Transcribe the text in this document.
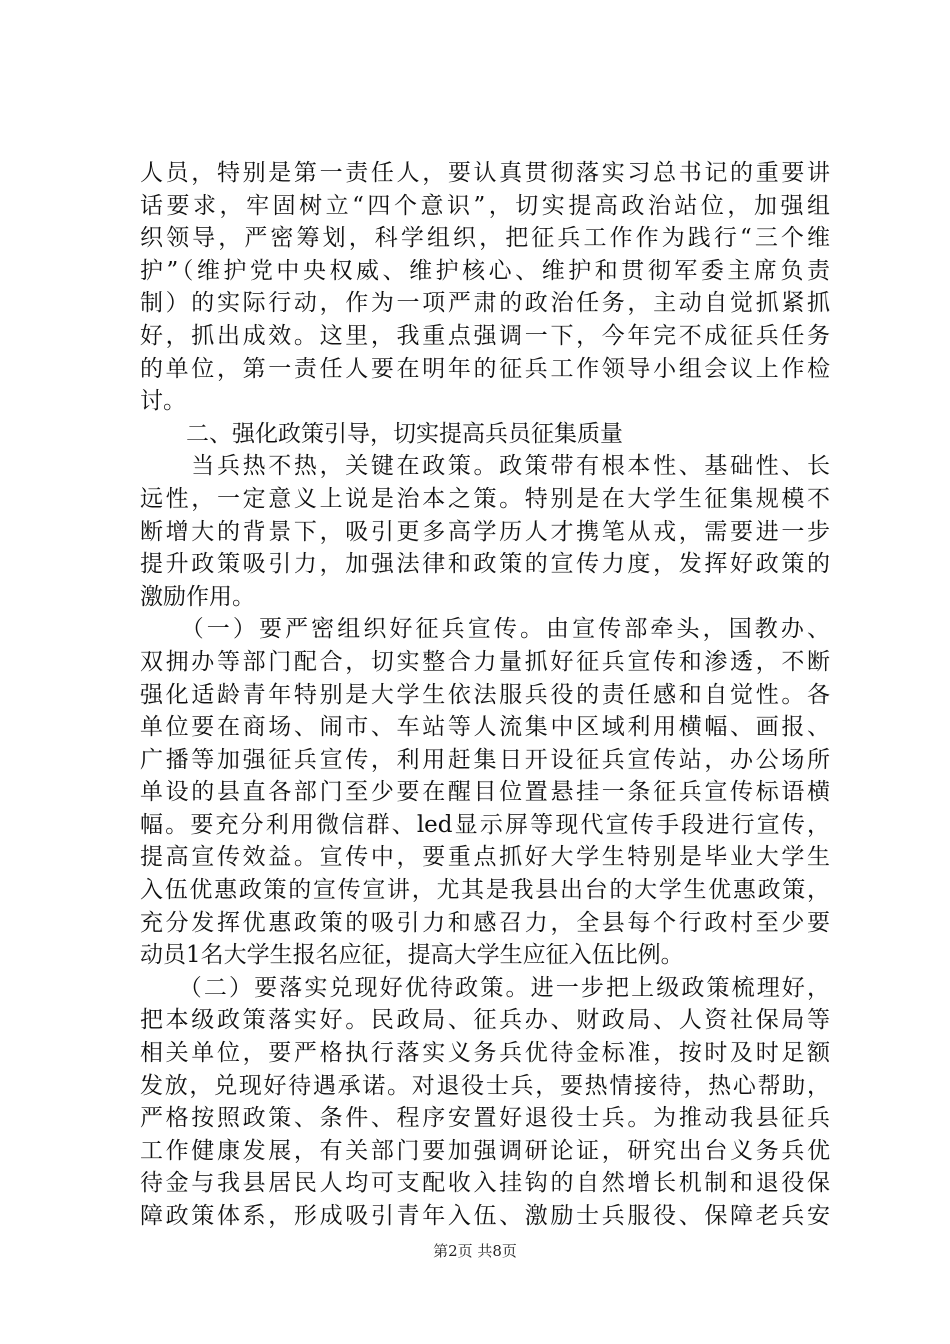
人员，特别是第一责任人，要认真贯彻落实习总书记的重要讲
话要求，牢固树立“四个意识”，切实提高政治站位，加强组
织领导，严密筹划，科学组织，把征兵工作作为践行“三个维
护”（维护党中央权威、维护核心、维护和贯彻军委主席负责
制）的实际行动，作为一项严肃的政治任务，主动自觉抓紧抓
好，抓出成效。这里，我重点强调一下，今年完不成征兵任务
的单位，第一责任人要在明年的征兵工作领导小组会议上作检
讨。
　　二、强化政策引导，切实提高兵员征集质量
　　当兵热不热，关键在政策。政策带有根本性、基础性、长
远性，一定意义上说是治本之策。特别是在大学生征集规模不
断增大的背景下，吸引更多高学历人才携笔从戎，需要进一步
提升政策吸引力，加强法律和政策的宣传力度，发挥好政策的
激励作用。
　　（一）要严密组织好征兵宣传。由宣传部牵头，国教办、
双拥办等部门配合，切实整合力量抓好征兵宣传和渗透，不断
强化适龄青年特别是大学生依法服兵役的责任感和自觉性。各
单位要在商场、闹市、车站等人流集中区域利用横幅、画报、
广播等加强征兵宣传，利用赶集日开设征兵宣传站，办公场所
单设的县直各部门至少要在醒目位置悬挂一条征兵宣传标语横
幅。要充分利用微信群、led显示屏等现代宣传手段进行宣传，
提高宣传效益。宣传中，要重点抓好大学生特别是毕业大学生
入伍优惠政策的宣传宣讲，尤其是我县出台的大学生优惠政策，
充分发挥优惠政策的吸引力和感召力，全县每个行政村至少要
动员1名大学生报名应征，提高大学生应征入伍比例。
　　（二）要落实兑现好优待政策。进一步把上级政策梳理好，
把本级政策落实好。民政局、征兵办、财政局、人资社保局等
相关单位，要严格执行落实义务兵优待金标准，按时及时足额
发放，兑现好待遇承诺。对退役士兵，要热情接待，热心帮助，
严格按照政策、条件、程序安置好退役士兵。为推动我县征兵
工作健康发展，有关部门要加强调研论证，研究出台义务兵优
待金与我县居民人均可支配收入挂钩的自然增长机制和退役保
障政策体系，形成吸引青年入伍、激励士兵服役、保障老兵安
第2页 共8页
